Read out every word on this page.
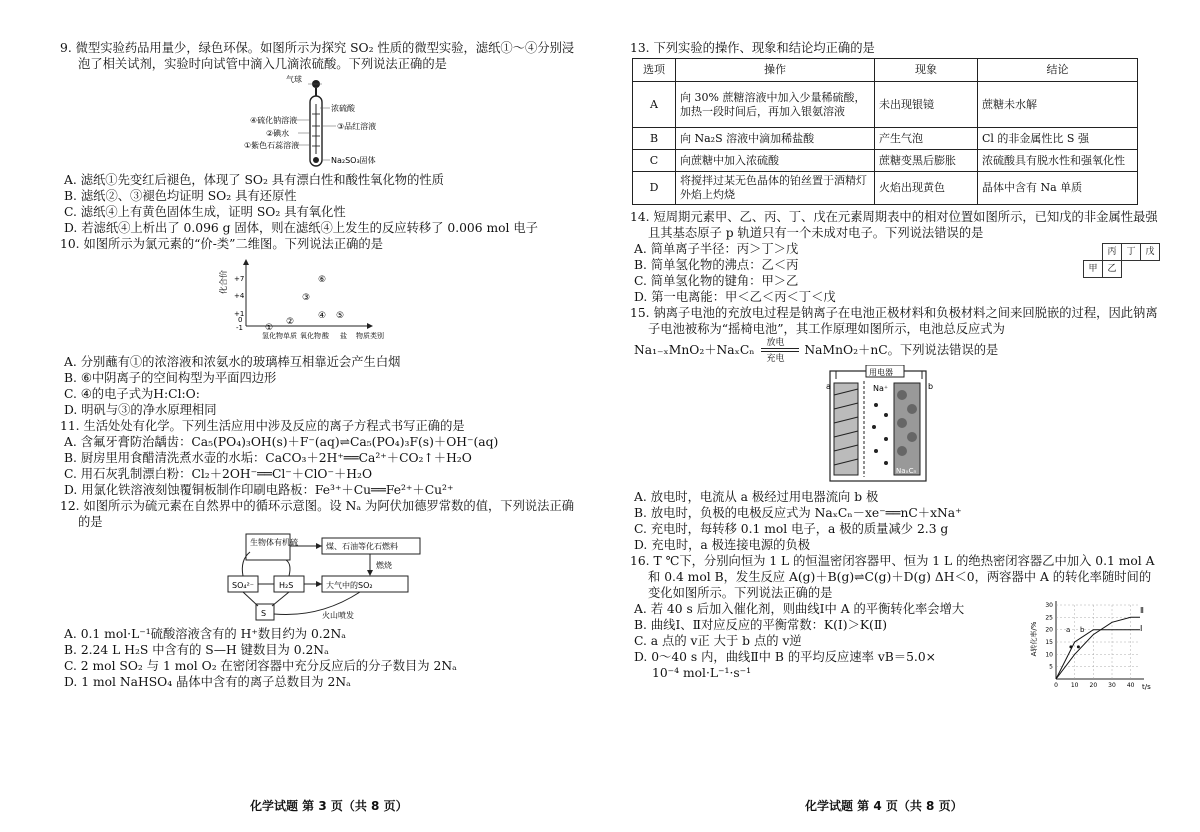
9. 微型实验药品用量少，绿色环保。如图所示为探究 SO₂ 性质的微型实验，滤纸①～④分别浸泡了相关试剂，实验时向试管中滴入几滴浓硫酸。下列说法正确的是

气球
浓硫酸
④硫化钠溶液
③品红溶液
②碘水
①紫色石蕊溶液
Na₂SO₃固体
A. 滤纸①先变红后褪色，体现了 SO₂ 具有漂白性和酸性氧化物的性质
B. 滤纸②、③褪色均证明 SO₂ 具有还原性
C. 滤纸④上有黄色固体生成，证明 SO₂ 具有氧化性
D. 若滤纸④上析出了 0.096 g 固体，则在滤纸④上发生的反应转移了 0.006 mol 电子

10. 如图所示为氯元素的“价-类”二维图。下列说法正确的是

化合价 +7
+4
+1
0
-1 ①
②
③
④ ⑤
⑥
氢化物 单质 氧化物 酸 盐 物质类别
A. 分别蘸有①的浓溶液和浓氨水的玻璃棒互相靠近会产生白烟
B. ⑥中阴离子的空间构型为平面四边形
C. ④的电子式为H:Cl:O:
D. 明矾与③的净水原理相同

11. 生活处处有化学。下列生活应用中涉及反应的离子方程式书写正确的是

A. 含氟牙膏防治龋齿：Ca₅(PO₄)₃OH(s)＋F⁻(aq)⇌Ca₅(PO₄)₃F(s)＋OH⁻(aq)
B. 厨房里用食醋清洗煮水壶的水垢：CaCO₃＋2H⁺══Ca²⁺＋CO₂↑＋H₂O
C. 用石灰乳制漂白粉：Cl₂＋2OH⁻══Cl⁻＋ClO⁻＋H₂O
D. 用氯化铁溶液刻蚀覆铜板制作印刷电路板：Fe³⁺＋Cu══Fe²⁺＋Cu²⁺

12. 如图所示为硫元素在自然界中的循环示意图。设 Nₐ 为阿伏加德罗常数的值，下列说法正确的是

生物体有机硫	煤、石油等化石燃料
燃烧
SO₄²⁻	H₂S	大气中的SO₂
S	火山喷发
A. 0.1 mol·L⁻¹硫酸溶液含有的 H⁺数目约为 0.2Nₐ
B. 2.24 L H₂S 中含有的 S—H 键数目为 0.2Nₐ
C. 2 mol SO₂ 与 1 mol O₂ 在密闭容器中充分反应后的分子数目为 2Nₐ
D. 1 mol NaHSO₄ 晶体中含有的离子总数目为 2Nₐ
化学试题 第 3 页（共 8 页）

13. 下列实验的操作、现象和结论均正确的是

选项	操作	现象	结论
A	向 30% 蔗糖溶液中加入少量稀硫酸，加热一段时间后，再加入银氨溶液	未出现银镜	蔗糖未水解
B	向 Na₂S 溶液中滴加稀盐酸	产生气泡	Cl 的非金属性比 S 强
C	向蔗糖中加入浓硫酸	蔗糖变黑后膨胀	浓硫酸具有脱水性和强氧化性
D	将搅拌过某无色晶体的铂丝置于酒精灯外焰上灼烧	火焰出现黄色	晶体中含有 Na 单质

14. 短周期元素甲、乙、丙、丁、戊在元素周期表中的相对位置如图所示，已知戊的非金属性最强且其基态原子 p 轨道只有一个未成对电子。下列说法错误的是

	丙	丁	戊
甲	乙		
A. 简单离子半径：丙＞丁＞戊
B. 简单氢化物的沸点：乙＜丙
C. 简单氢化物的键角：甲＞乙
D. 第一电离能：甲＜乙＜丙＜丁＜戊

15. 钠离子电池的充放电过程是钠离子在电池正极材料和负极材料之间来回脱嵌的过程，因此钠离子电池被称为“摇椅电池”，其工作原理如图所示，电池总反应式为

Na₁₋ₓMnO₂＋NaₓCₙ 放电
充电
NaMnO₂＋nC。下列说法错误的是
用电器
a	b
Na⁺
NaₓCₙ
A. 放电时，电流从 a 极经过用电器流向 b 极
B. 放电时，负极的电极反应式为 NaₓCₙ－xe⁻══nC＋xNa⁺
C. 充电时，每转移 0.1 mol 电子，a 极的质量减少 2.3 g
D. 充电时，a 极连接电源的负极

16. T ℃下，分别向恒为 1 L 的恒温密闭容器甲、恒为 1 L 的绝热密闭容器乙中加入 0.1 mol A 和 0.4 mol B，发生反应 A(g)＋B(g)⇌C(g)＋D(g) ΔH＜0，两容器中 A 的转化率随时间的变化如图所示。下列说法正确的是

A. 若 40 s 后加入催化剂，则曲线Ⅰ中 A 的平衡转化率会增大
B. 曲线Ⅰ、Ⅱ对应反应的平衡常数：K(Ⅰ)＞K(Ⅱ)
C. a 点的 v正 大于 b 点的 v逆
D. 0～40 s 内，曲线Ⅱ中 B 的平均反应速率 vB＝5.0×
10⁻⁴ mol·L⁻¹·s⁻¹
A转化率/%
t/s
Ⅱ
Ⅰ
a b
30
25
20
15
10
5
0 10 20 30 40
化学试题 第 4 页（共 8 页）
